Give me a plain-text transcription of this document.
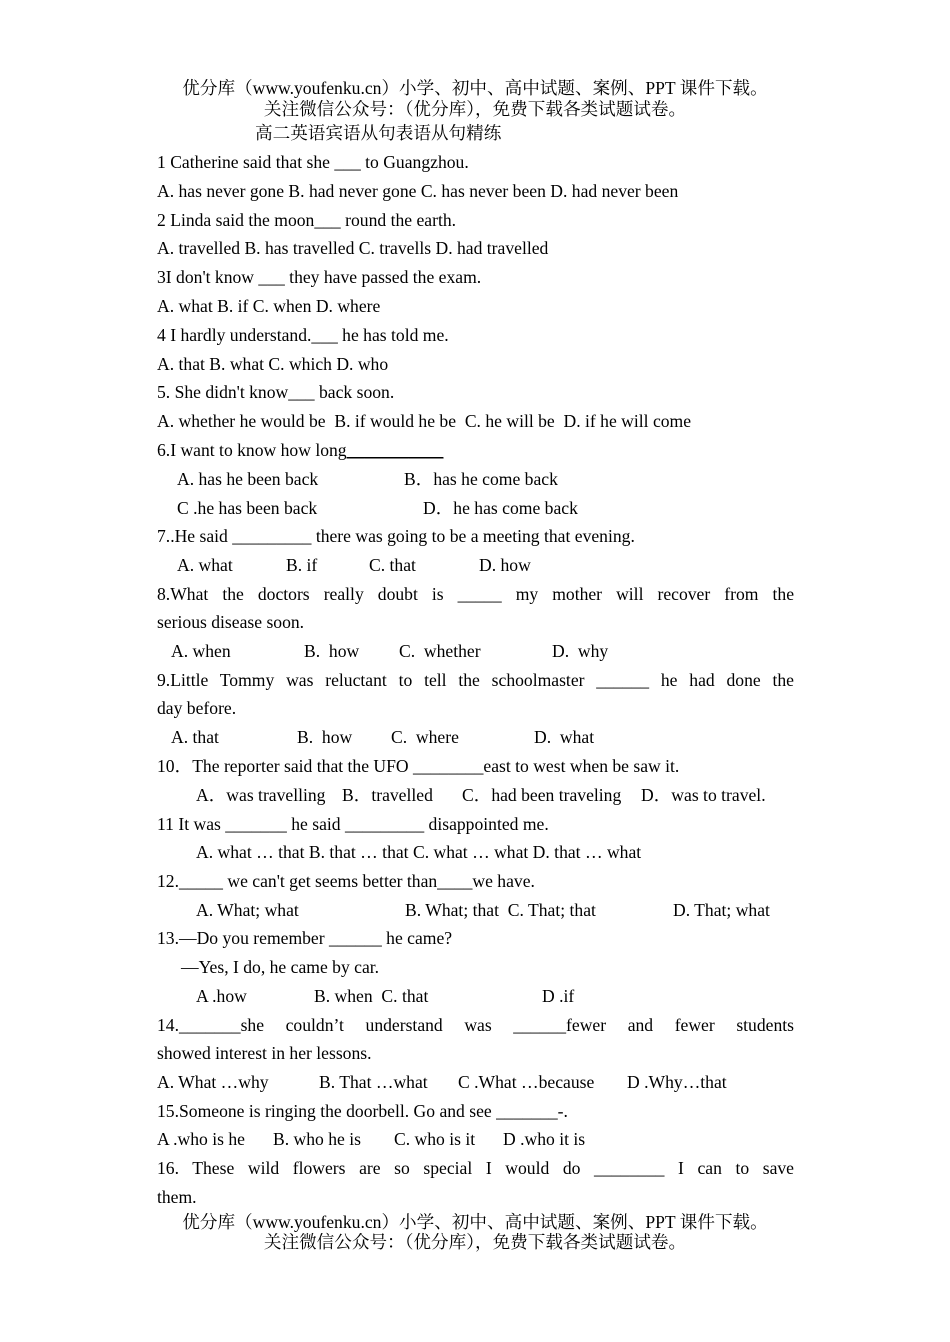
优分库（www.youfenku.cn）小学、初中、高中试题、案例、PPT 课件下载。

关注微信公众号：（优分库），免费下载各类试题试卷。

高二英语宾语从句表语从句精练

1 Catherine said that she ___ to Guangzhou.

A. has never gone B. had never gone C. has never been D. had never been

2 Linda said the moon___ round the earth.

A. travelled B. has travelled C. travells D. had travelled

3I don't know ___ they have passed the exam.

A. what B. if C. when D. where

4 I hardly understand.___ he has told me.

A. that B. what C. which D. who

5. She didn't know___ back soon.

A. whether he would be  B. if would he be  C. he will be  D. if he will come

6.I want to know how long___________

A. has he been back	B．has he come back
C .he has been back	D．he has come back

7..He said _________ there was going to be a meeting that evening.

A. what	B. if	C. that	D. how

8.What the doctors really doubt is _____ my mother will recover from the

serious disease soon.

A. when	B.  how C.  whether	D.  why

9.Little Tommy was reluctant to tell the schoolmaster ______ he had done the

day before.

A. that	B.  how C.  where	D.  what

10．The reporter said that the UFO ________east to west when be saw it.

A．was travelling B．travelled C．had been traveling D．was to travel.

11 It was _______ he said _________ disappointed me.

A. what … that B. that … that C. what … what D. that … what

12._____ we can't get seems better than____we have.

A. What; what	B. What; that  C. That; that	D. That; what

13.—Do you remember ______ he came?

—Yes, I do, he came by car.

A .how	B. when  C. that	D .if

14._______she couldn’t understand was ______fewer and fewer students

showed interest in her lessons.

A. What …why	B. That …what C .What …because D .Why…that

15.Someone is ringing the doorbell. Go and see _______-.

A .who is he B. who he is C. who is it D .who it is

16. These wild flowers are so special I would do ________ I can to save

them.

优分库（www.youfenku.cn）小学、初中、高中试题、案例、PPT 课件下载。

关注微信公众号：（优分库），免费下载各类试题试卷。
